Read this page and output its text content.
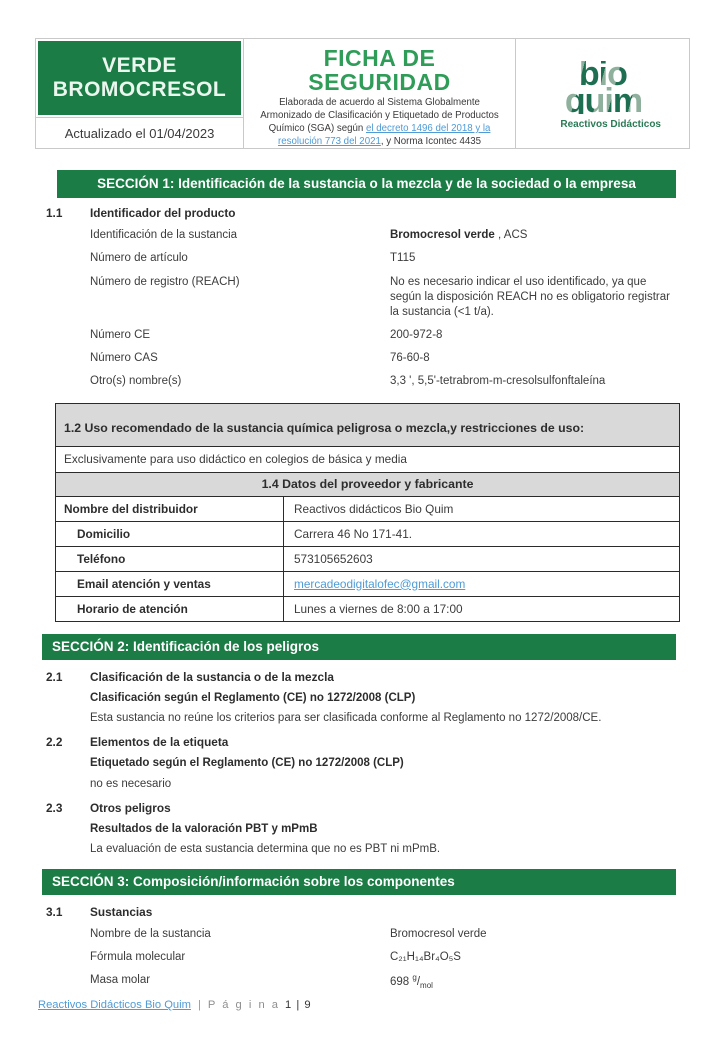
VERDE BROMOCRESOL
Actualizado el 01/04/2023
FICHA DE SEGURIDAD
Elaborada de acuerdo al Sistema Globalmente Armonizado de Clasificación y Etiquetado de Productos Químico (SGA) según el decreto 1496 del 2018 y la resolución 773 del 2021, y Norma Icontec 4435
bio
quim
Reactivos Didácticos
SECCIÓN 1: Identificación de la sustancia o la mezcla y de la sociedad o la empresa
1.1	Identificador del producto
Identificación de la sustancia	Bromocresol verde , ACS
Número de artículo	T115
Número de registro (REACH)	No es necesario indicar el uso identificado, ya que según la disposición REACH no es obligatorio registrar la sustancia (<1 t/a).
Número CE	200-972-8
Número CAS	76-60-8
Otro(s) nombre(s)	3,3 ', 5,5'-tetrabrom-m-cresolsulfonftaleína
1.2 Uso recomendado de la sustancia química peligrosa o mezcla,y restricciones de uso:	
Exclusivamente para uso didáctico en colegios de básica y media	
1.4 Datos del proveedor y fabricante	
Nombre del distribuidor	Reactivos didácticos Bio Quim
Domicilio	Carrera 46 No 171-41.
Teléfono	573105652603
Email atención y ventas	mercadeodigitalofec@gmail.com
Horario de atención	Lunes a viernes de 8:00 a 17:00
SECCIÓN 2: Identificación de los peligros
2.1	Clasificación de la sustancia o de la mezcla
Clasificación según el Reglamento (CE) no 1272/2008 (CLP)
Esta sustancia no reúne los criterios para ser clasificada conforme al Reglamento no 1272/2008/CE.
2.2	Elementos de la etiqueta
Etiquetado según el Reglamento (CE) no 1272/2008 (CLP)
no es necesario
2.3	Otros peligros
Resultados de la valoración PBT y mPmB
La evaluación de esta sustancia determina que no es PBT ni mPmB.
SECCIÓN 3: Composición/información sobre los componentes
3.1	Sustancias
Nombre de la sustancia	Bromocresol verde
Fórmula molecular	C₂₁H₁₄Br₄O₅S
Masa molar	698 $^g/_{mol}$
Reactivos Didácticos Bio Quim | P á g i n a 1 | 9
